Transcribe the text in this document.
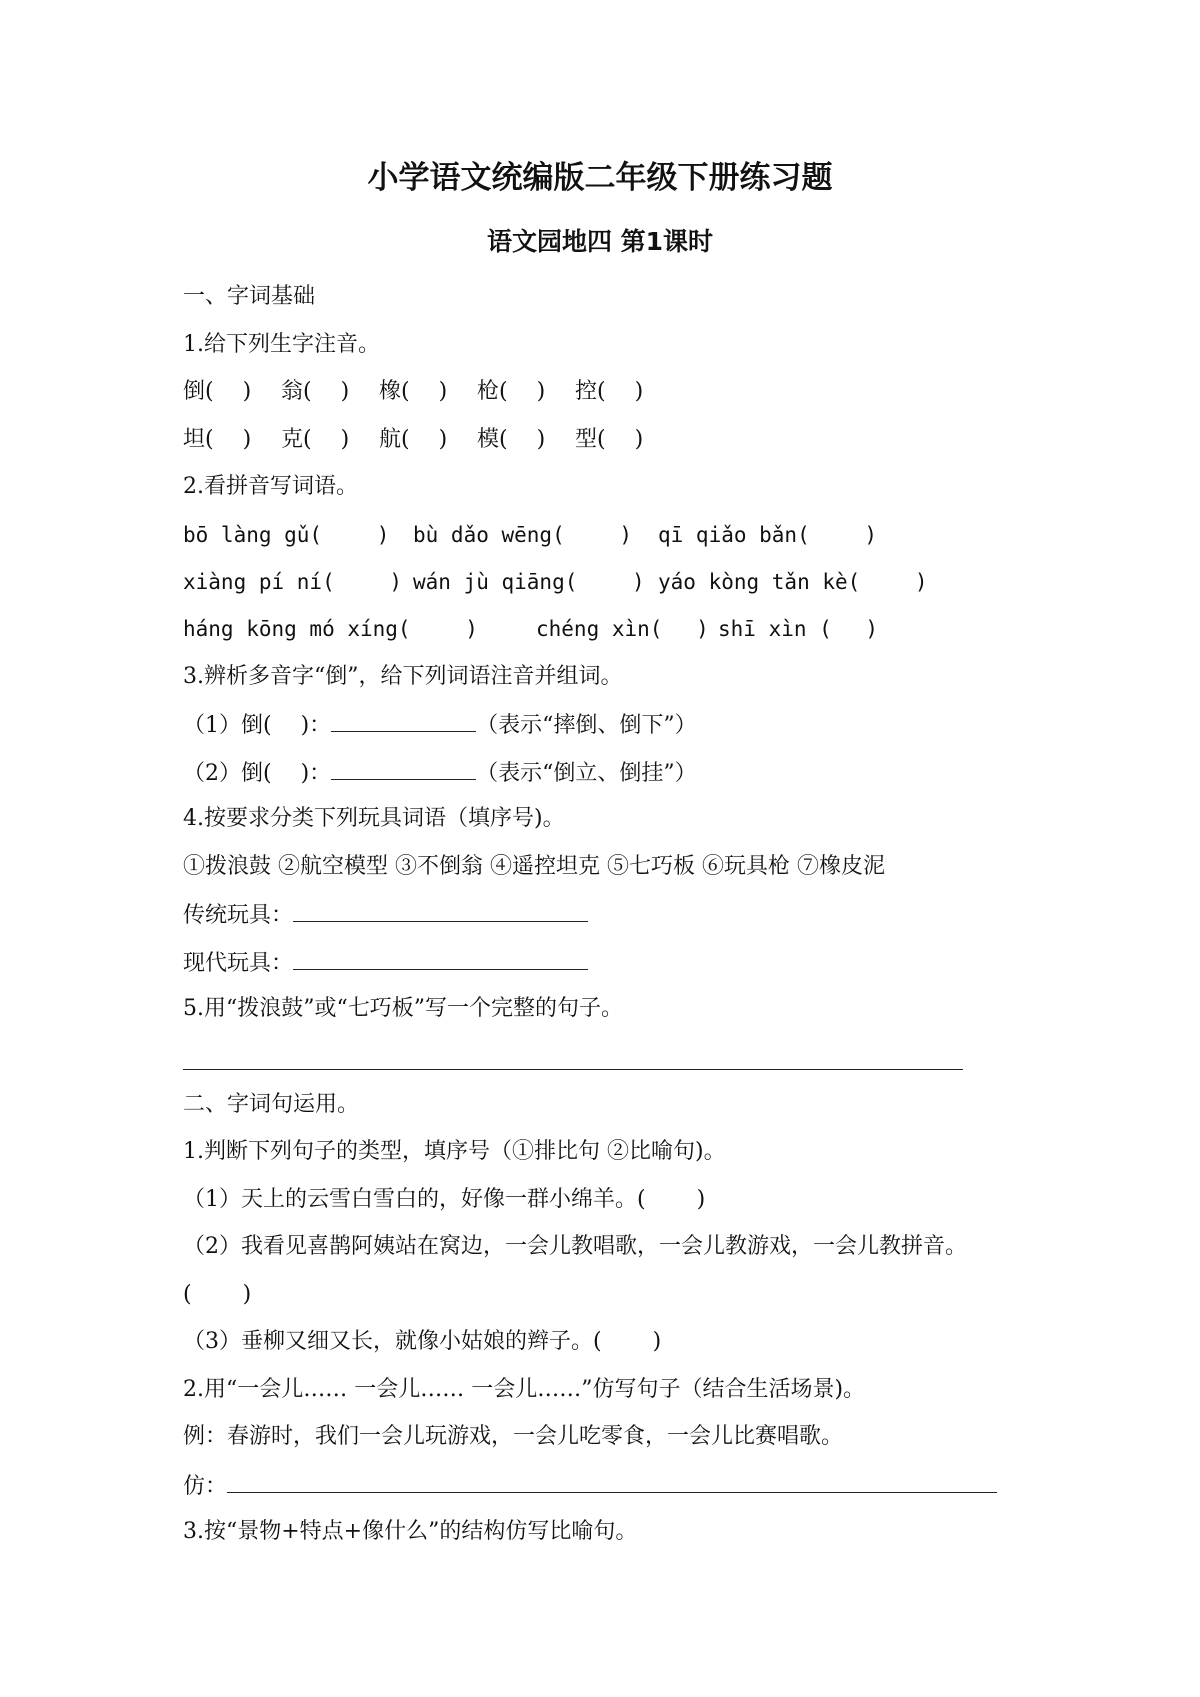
小学语文统编版二年级下册练习题
语文园地四 第1课时
一、字词基础
1.给下列生字注音。
倒(　 ) 翁(　 ) 橡(　 ) 枪(　 ) 控(　 )
坦(　 ) 克(　 ) 航(　 ) 模(　 ) 型(　 )
2.看拼音写词语。
bō làng gǔ(　　 ) bù dǎo wēng(　　 ) qī qiǎo bǎn(　　 )
xiàng pí ní(　　 ) wán jù qiāng(　　 ) yáo kòng tǎn kè(　　 )
háng kōng mó xíng(　　 )	chéng xìn(　 ) shī xìn (　 )
3.辨析多音字“倒”，给下列词语注音并组词。
（1）倒(　 )：	（表示“摔倒、倒下”）
（2）倒(　 )：	（表示“倒立、倒挂”）
4.按要求分类下列玩具词语（填序号)。
①拨浪鼓 ②航空模型 ③不倒翁 ④遥控坦克 ⑤七巧板 ⑥玩具枪 ⑦橡皮泥
传统玩具：
现代玩具：
5.用“拨浪鼓”或“七巧板”写一个完整的句子。
二、字词句运用。
1.判断下列句子的类型，填序号（①排比句 ②比喻句)。
（1）天上的云雪白雪白的，好像一群小绵羊。(　　 )
（2）我看见喜鹊阿姨站在窝边，一会儿教唱歌，一会儿教游戏，一会儿教拼音。
(　　 )
（3）垂柳又细又长，就像小姑娘的辫子。(　　 )
2.用“一会儿…… 一会儿…… 一会儿……”仿写句子（结合生活场景)。
例：春游时，我们一会儿玩游戏，一会儿吃零食，一会儿比赛唱歌。
仿：
3.按“景物+特点+像什么”的结构仿写比喻句。
